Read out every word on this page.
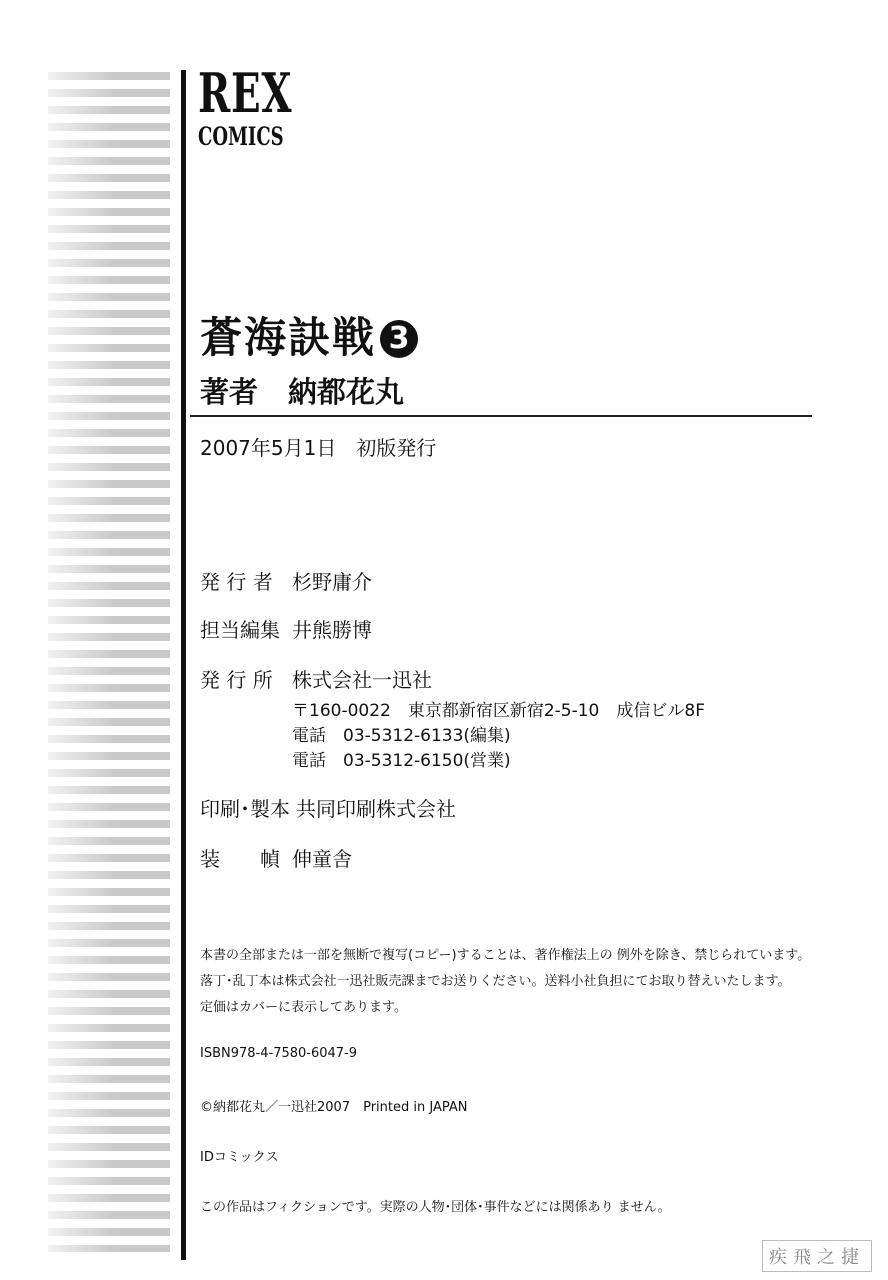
REX
COMICS
蒼海訣戦 3
著者 納都花丸
2007年5月1日　初版発行
発 行 者 杉野庸介
担当編集 井熊勝博
発 行 所 株式会社一迅社
〒160-0022　東京都新宿区新宿2-5-10　成信ビル8F
電話　03-5312-6133(編集)
電話　03-5312-6150(営業)
印刷･製本 共同印刷株式会社
装　　幀 伸童舎
本書の全部または一部を無断で複写(コピー)することは、著作権法上の 例外を除き、禁じられています。
落丁･乱丁本は株式会社一迅社販売課までお送りください。送料小社負担にてお取り替えいたします。
定価はカバーに表示してあります。
ISBN978-4-7580-6047-9
©納都花丸／一迅社2007　Printed in JAPAN
IDコミックス
この作品はフィクションです。実際の人物･団体･事件などには関係あり ません。
疾飛之捷
